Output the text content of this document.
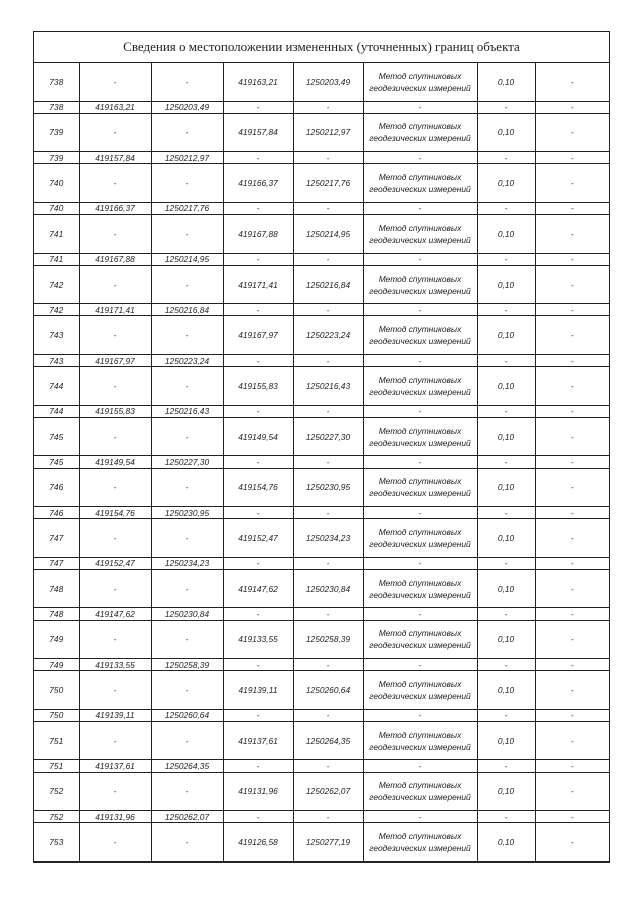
Сведения о местоположении измененных (уточненных) границ объекта
738	-	-	419163,21	1250203,49	Метод спутниковых геодезических измерений	0,10	-
738	419163,21	1250203,49	-	-	-	-	-
739	-	-	419157,84	1250212,97	Метод спутниковых геодезических измерений	0,10	-
739	419157,84	1250212,97	-	-	-	-	-
740	-	-	419166,37	1250217,76	Метод спутниковых геодезических измерений	0,10	-
740	419166,37	1250217,76	-	-	-	-	-
741	-	-	419167,88	1250214,95	Метод спутниковых геодезических измерений	0,10	-
741	419167,88	1250214,95	-	-	-	-	-
742	-	-	419171,41	1250216,84	Метод спутниковых геодезических измерений	0,10	-
742	419171,41	1250216,84	-	-	-	-	-
743	-	-	419167,97	1250223,24	Метод спутниковых геодезических измерений	0,10	-
743	419167,97	1250223,24	-	-	-	-	-
744	-	-	419155,83	1250216,43	Метод спутниковых геодезических измерений	0,10	-
744	419155,83	1250216,43	-	-	-	-	-
745	-	-	419149,54	1250227,30	Метод спутниковых геодезических измерений	0,10	-
745	419149,54	1250227,30	-	-	-	-	-
746	-	-	419154,76	1250230,95	Метод спутниковых геодезических измерений	0,10	-
746	419154,76	1250230,95	-	-	-	-	-
747	-	-	419152,47	1250234,23	Метод спутниковых геодезических измерений	0,10	-
747	419152,47	1250234,23	-	-	-	-	-
748	-	-	419147,62	1250230,84	Метод спутниковых геодезических измерений	0,10	-
748	419147,62	1250230,84	-	-	-	-	-
749	-	-	419133,55	1250258,39	Метод спутниковых геодезических измерений	0,10	-
749	419133,55	1250258,39	-	-	-	-	-
750	-	-	419139,11	1250260,64	Метод спутниковых геодезических измерений	0,10	-
750	419139,11	1250260,64	-	-	-	-	-
751	-	-	419137,61	1250264,35	Метод спутниковых геодезических измерений	0,10	-
751	419137,61	1250264,35	-	-	-	-	-
752	-	-	419131,96	1250262,07	Метод спутниковых геодезических измерений	0,10	-
752	419131,96	1250262,07	-	-	-	-	-
753	-	-	419126,58	1250277,19	Метод спутниковых геодезических измерений	0,10	-
